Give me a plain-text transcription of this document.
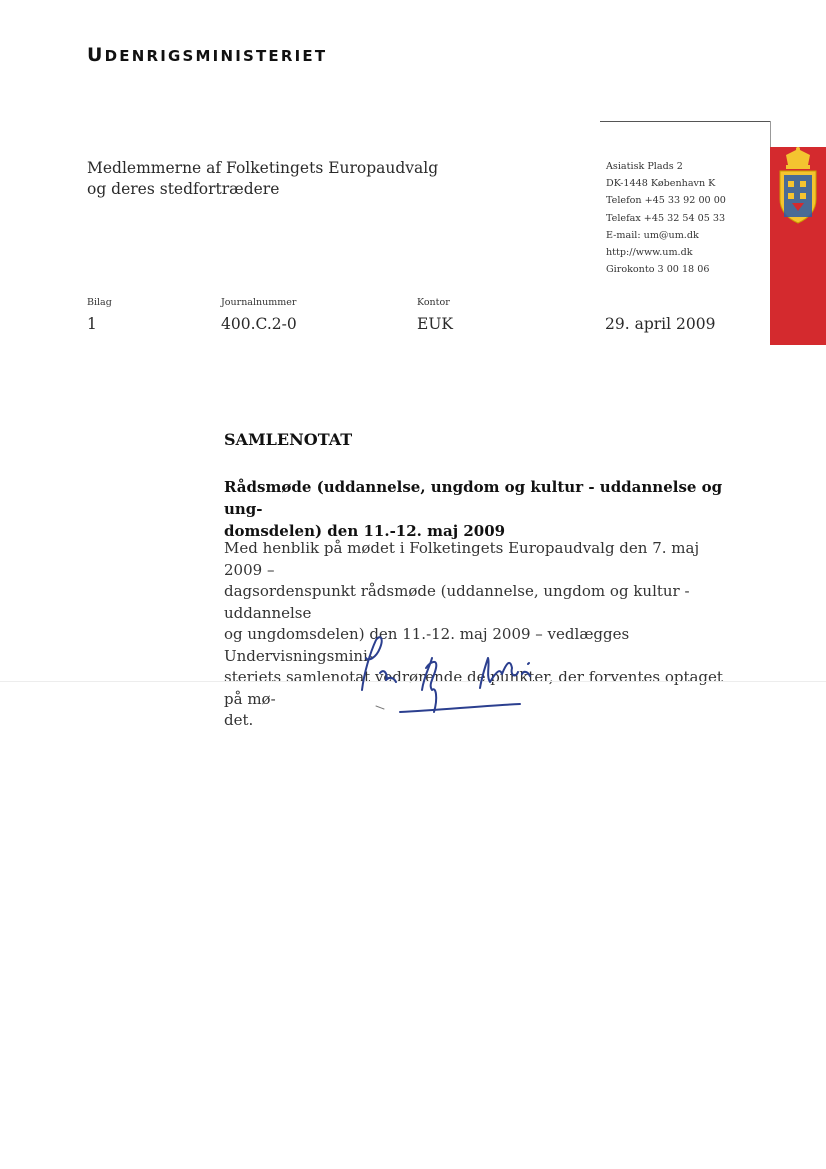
UDENRIGSMINISTERIET
Medlemmerne af Folketingets Europaudvalg
og deres stedfortrædere
Asiatisk Plads 2
DK-1448 København K
Telefon +45 33 92 00 00
Telefax +45 32 54 05 33
E-mail: um@um.dk
http://www.um.dk
Girokonto 3 00 18 06
Bilag
1
Journalnummer
400.C.2-0
Kontor
EUK	29. april 2009
SAMLENOTAT
Rådsmøde (uddannelse, ungdom og kultur - uddannelse og ung-
domsdelen) den 11.-12. maj 2009
Med henblik på mødet i Folketingets Europaudvalg den 7. maj 2009 –
dagsordenspunkt rådsmøde (uddannelse, ungdom og kultur - uddannelse
og ungdomsdelen) den 11.-12. maj 2009 – vedlægges Undervisningsmini-
steriets samlenotat vedrørende de punkter, der forventes optaget på mø-
det.
